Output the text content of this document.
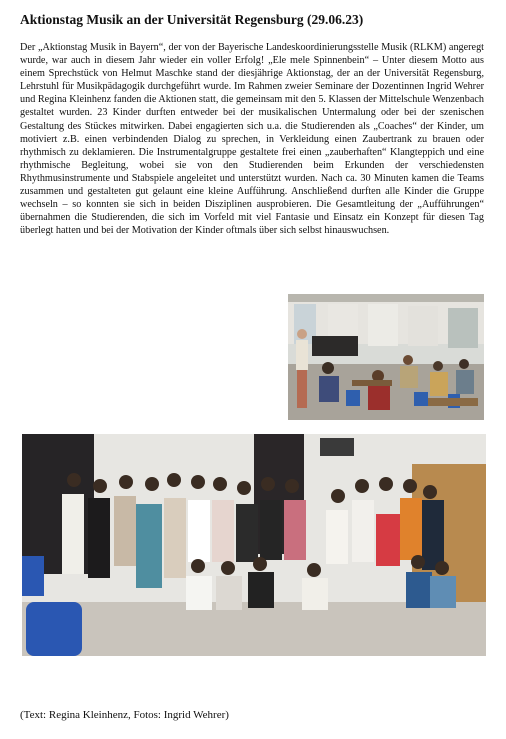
Aktionstag Musik an der Universität Regensburg (29.06.23)
Der „Aktionstag Musik in Bayern“, der von der Bayerische Landeskoordinierungsstelle Musik (RLKM) angeregt wurde, war auch in diesem Jahr wieder ein voller Erfolg! „Ele mele Spinnenbein“ – Unter diesem Motto aus einem Sprechstück von Helmut Maschke stand der diesjährige Aktionstag, der an der Universität Regensburg, Lehrstuhl für Musikpädagogik durchgeführt wurde. Im Rahmen zweier Seminare der Dozentinnen Ingrid Wehrer und Regina Kleinhenz fanden die Aktionen statt, die gemeinsam mit den 5. Klassen der Mittelschule Wenzenbach gestaltet wurden. 23 Kinder durften entweder bei der musikalischen Untermalung oder bei der szenischen Gestaltung des Stückes mitwirken. Dabei engagierten sich u.a. die Studierenden als „Coaches“ der Kinder, um motiviert z.B. einen verbindenden Dialog zu sprechen, in Verkleidung einen Zaubertrank zu brauen oder rhythmisch zu deklamieren. Die Instrumentalgruppe gestaltete frei einen „zauberhaften“ Klangteppich und eine rhythmische Begleitung, wobei sie von den Studierenden beim Erkunden der verschiedensten Rhythmusinstrumente und Stabspiele angeleitet und unterstützt wurden. Nach ca. 30 Minuten kamen die Teams zusammen und gestalteten gut gelaunt eine kleine Aufführung. Anschließend durften alle Kinder die Gruppe wechseln – so konnten sie sich in beiden Disziplinen ausprobieren. Die Gesamtleitung der „Aufführungen“ übernahmen die Studierenden, die sich im Vorfeld mit viel Fantasie und Einsatz ein Konzept für diesen Tag überlegt hatten und bei der Motivation der Kinder oftmals über sich selbst hinauswuchsen.
(Text: Regina Kleinhenz, Fotos: Ingrid Wehrer)
